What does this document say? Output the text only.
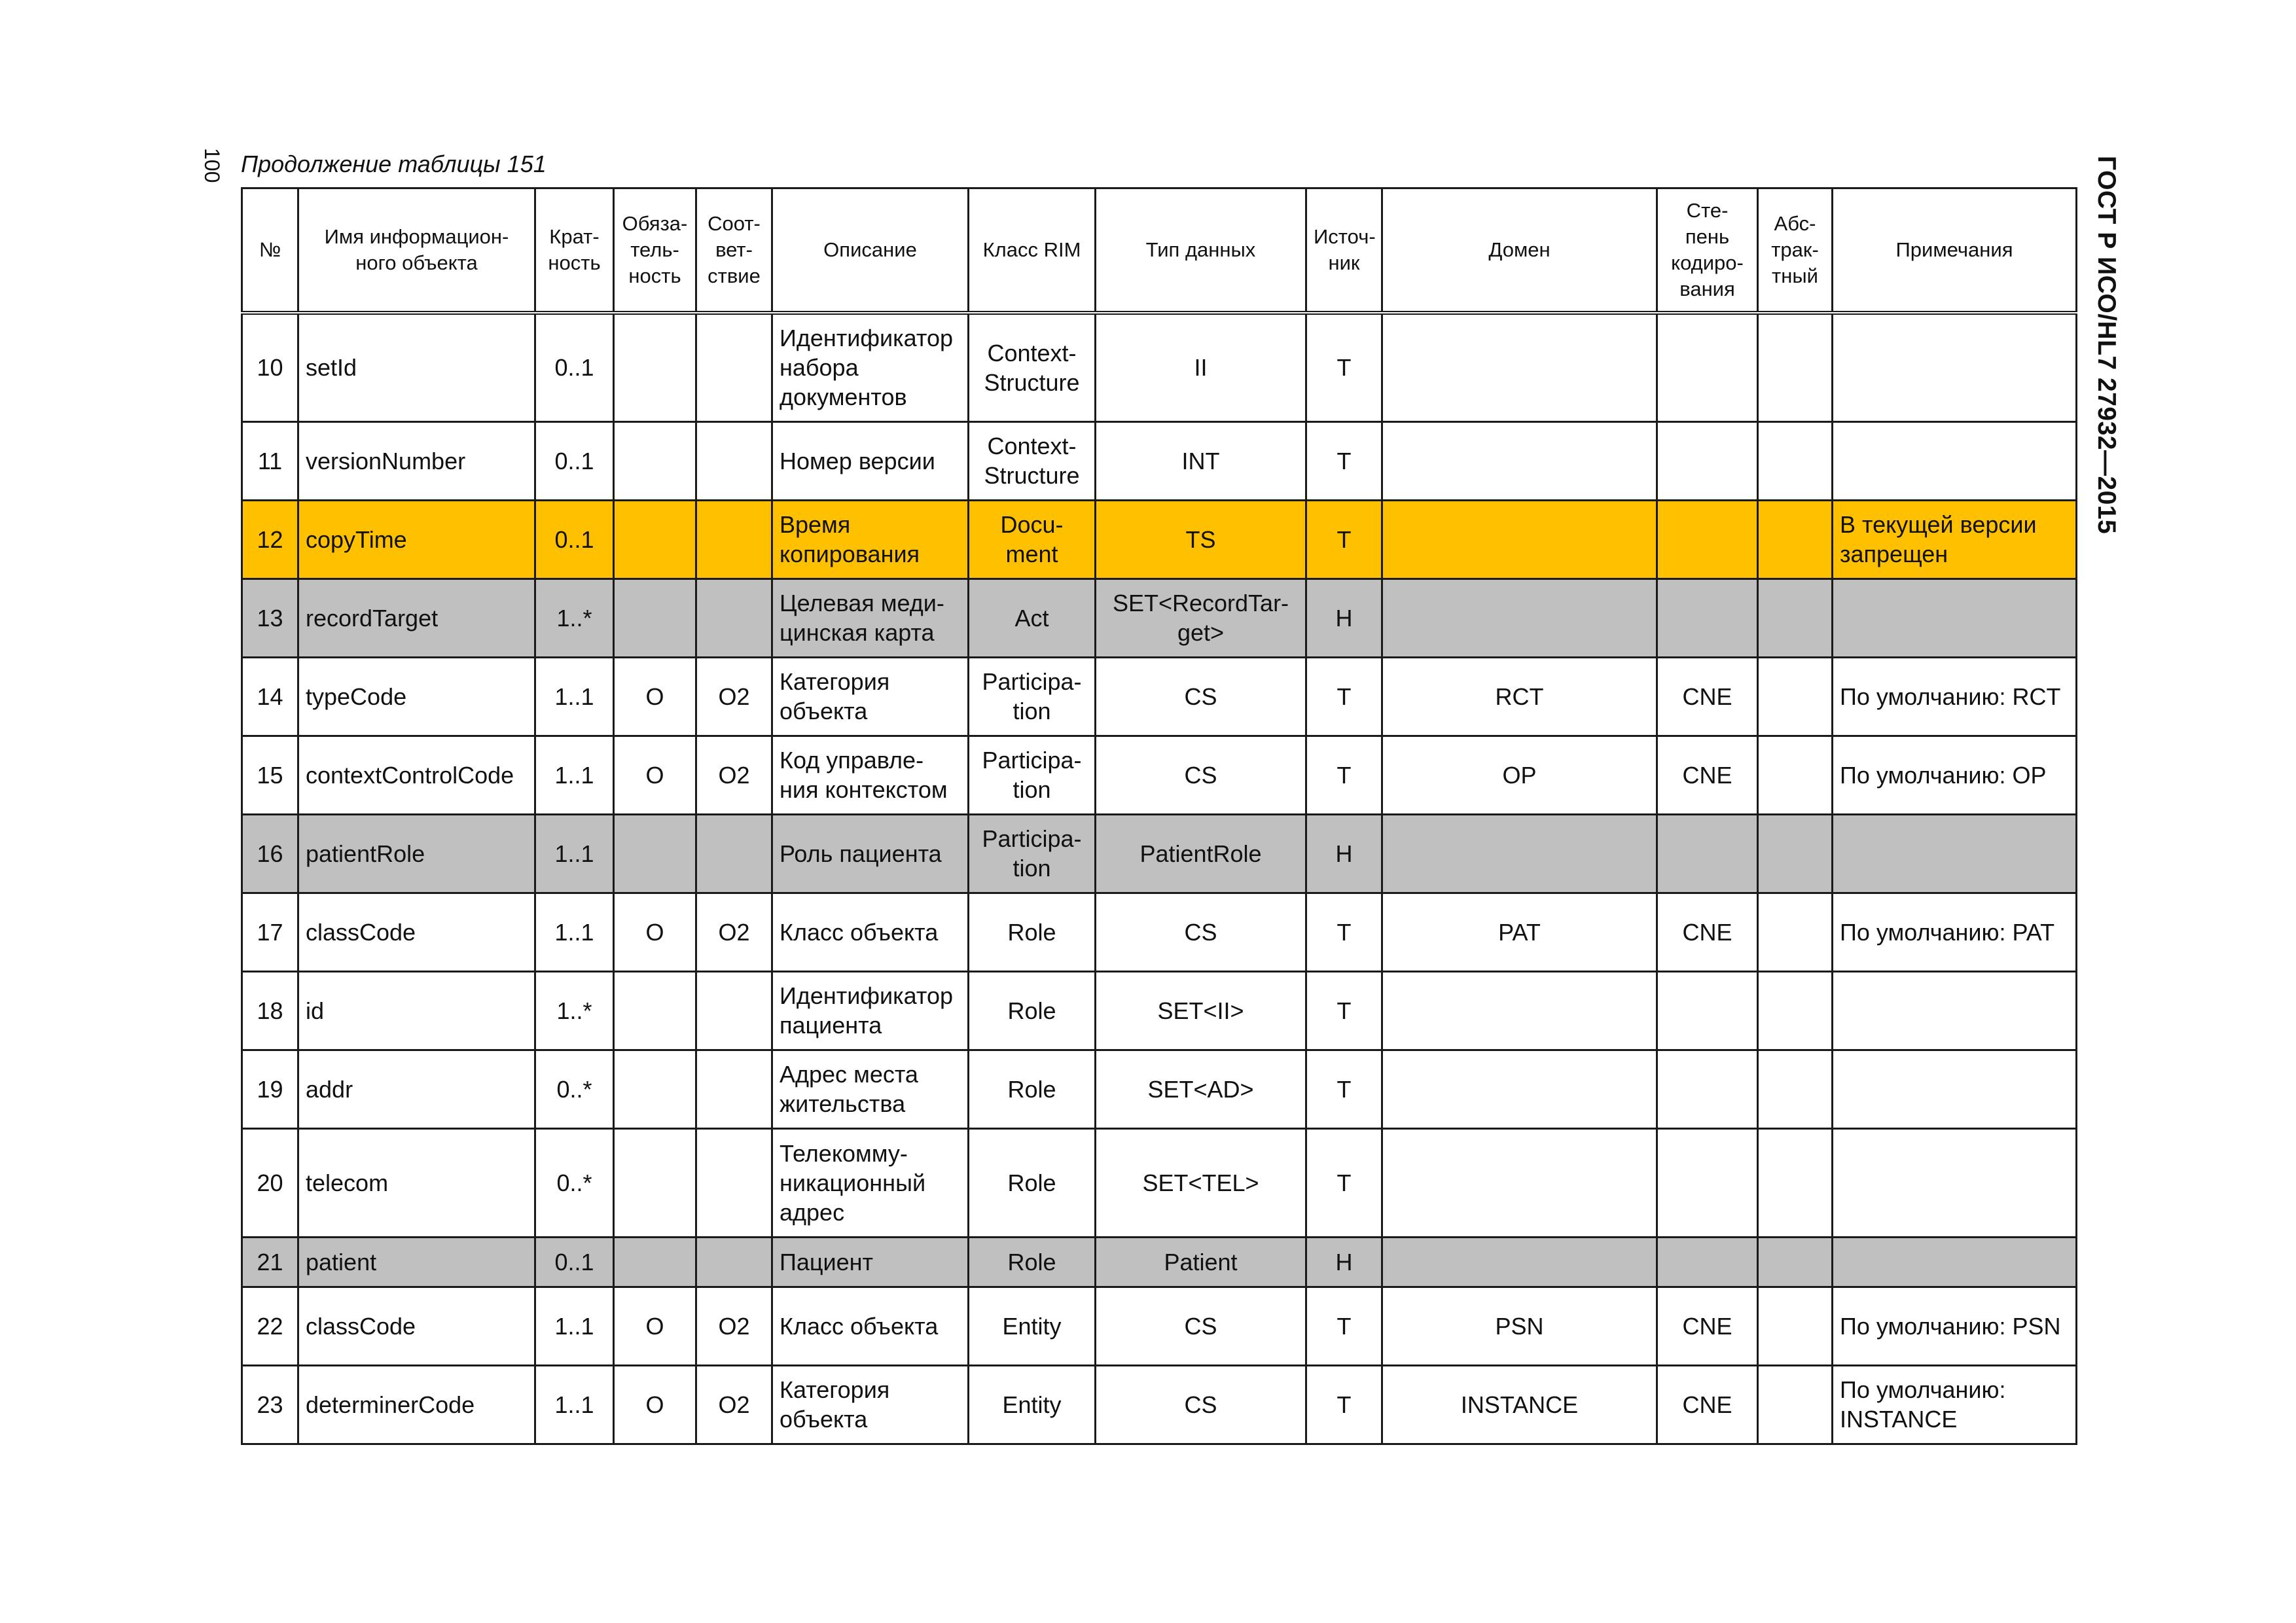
100	ГОСТ Р ИСО/HL7 27932—2015
Продолжение таблицы 151
№	Имя информацион-ного объекта	Крат-ность	Обяза-тель-ность	Соот-вет-ствие	Описание	Класс RIM	Тип данных	Источ-ник	Домен	Сте-пень кодиро-вания	Абс-трак-тный	Примечания
10	setId	0..1			Идентификатор набора документов	Context-Structure	II	T				
11	versionNumber	0..1			Номер версии	Context-Structure	INT	T				
12	copyTime	0..1			Время копирования	Docu-ment	TS	T				В текущей версии запрещен
13	recordTarget	1..*			Целевая меди-цинская карта	Act	SET<RecordTar-get>	H				
14	typeCode	1..1	O	O2	Категория объекта	Participa-tion	CS	T	RCT	CNE		По умолчанию: RCT
15	contextControlCode	1..1	O	O2	Код управле-ния контекстом	Participa-tion	CS	T	OP	CNE		По умолчанию: OP
16	patientRole	1..1			Роль пациента	Participa-tion	PatientRole	H				
17	classCode	1..1	O	O2	Класс объекта	Role	CS	T	PAT	CNE		По умолчанию: PAT
18	id	1..*			Идентификатор пациента	Role	SET<II>	T				
19	addr	0..*			Адрес места жительства	Role	SET<AD>	T				
20	telecom	0..*			Телекомму-никационный адрес	Role	SET<TEL>	T				
21	patient	0..1			Пациент	Role	Patient	H				
22	classCode	1..1	O	O2	Класс объекта	Entity	CS	T	PSN	CNE		По умолчанию: PSN
23	determinerCode	1..1	O	O2	Категория объекта	Entity	CS	T	INSTANCE	CNE		По умолчанию: INSTANCE
